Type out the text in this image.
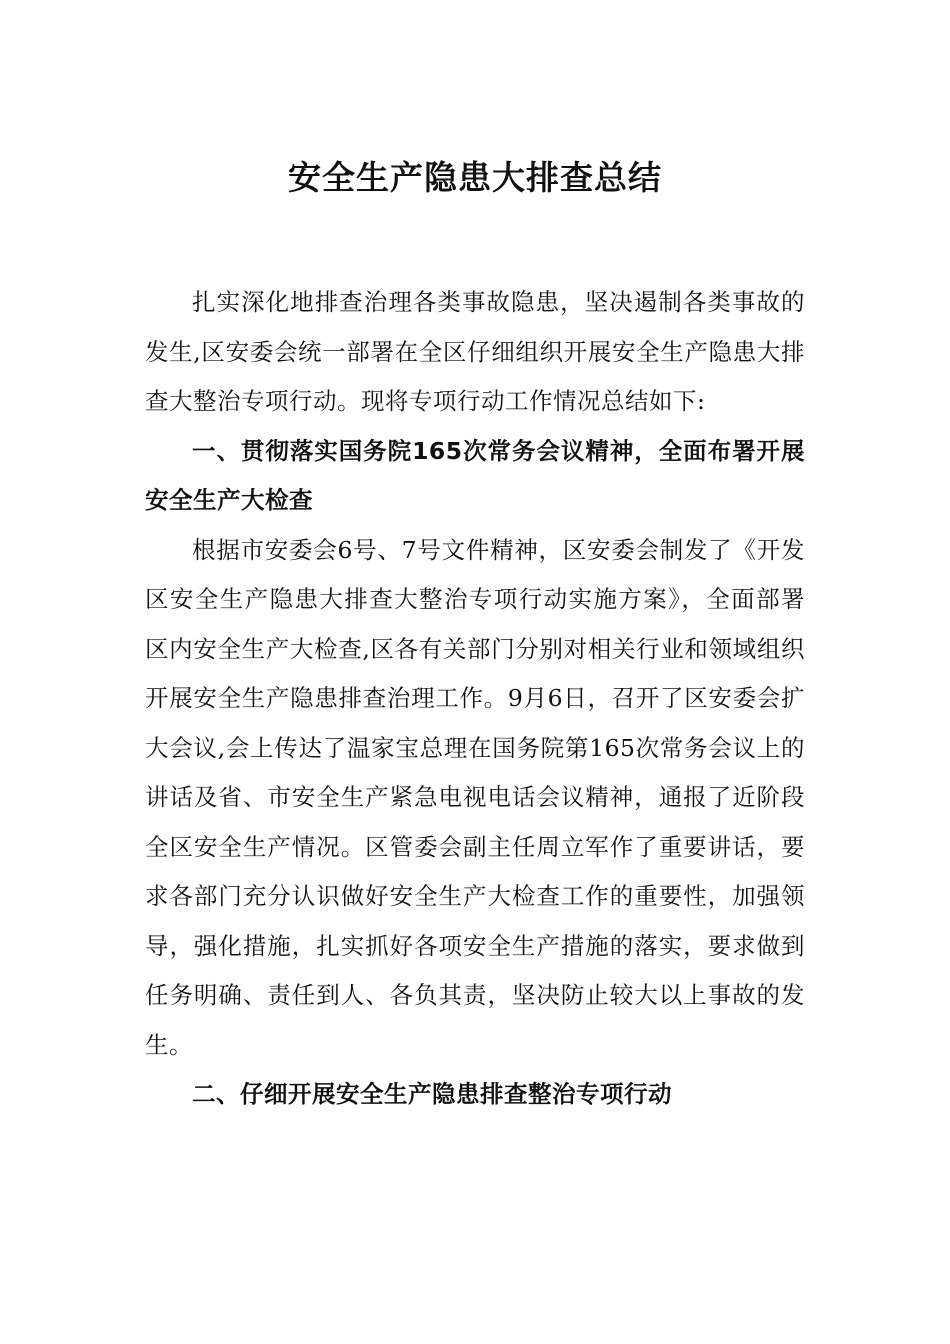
安全生产隐患大排查总结

扎实深化地排查治理各类事故隐患，坚决遏制各类事故的发生,区安委会统一部署在全区仔细组织开展安全生产隐患大排查大整治专项行动。现将专项行动工作情况总结如下:

一、贯彻落实国务院165次常务会议精神，全面布署开展安全生产大检查

根据市安委会6号、7号文件精神，区安委会制发了《开发区安全生产隐患大排查大整治专项行动实施方案》，全面部署区内安全生产大检查,区各有关部门分别对相关行业和领域组织开展安全生产隐患排查治理工作。9月6日，召开了区安委会扩大会议,会上传达了温家宝总理在国务院第165次常务会议上的讲话及省、市安全生产紧急电视电话会议精神，通报了近阶段全区安全生产情况。区管委会副主任周立军作了重要讲话，要求各部门充分认识做好安全生产大检查工作的重要性，加强领导，强化措施，扎实抓好各项安全生产措施的落实，要求做到任务明确、责任到人、各负其责，坚决防止较大以上事故的发生。

二、仔细开展安全生产隐患排查整治专项行动
